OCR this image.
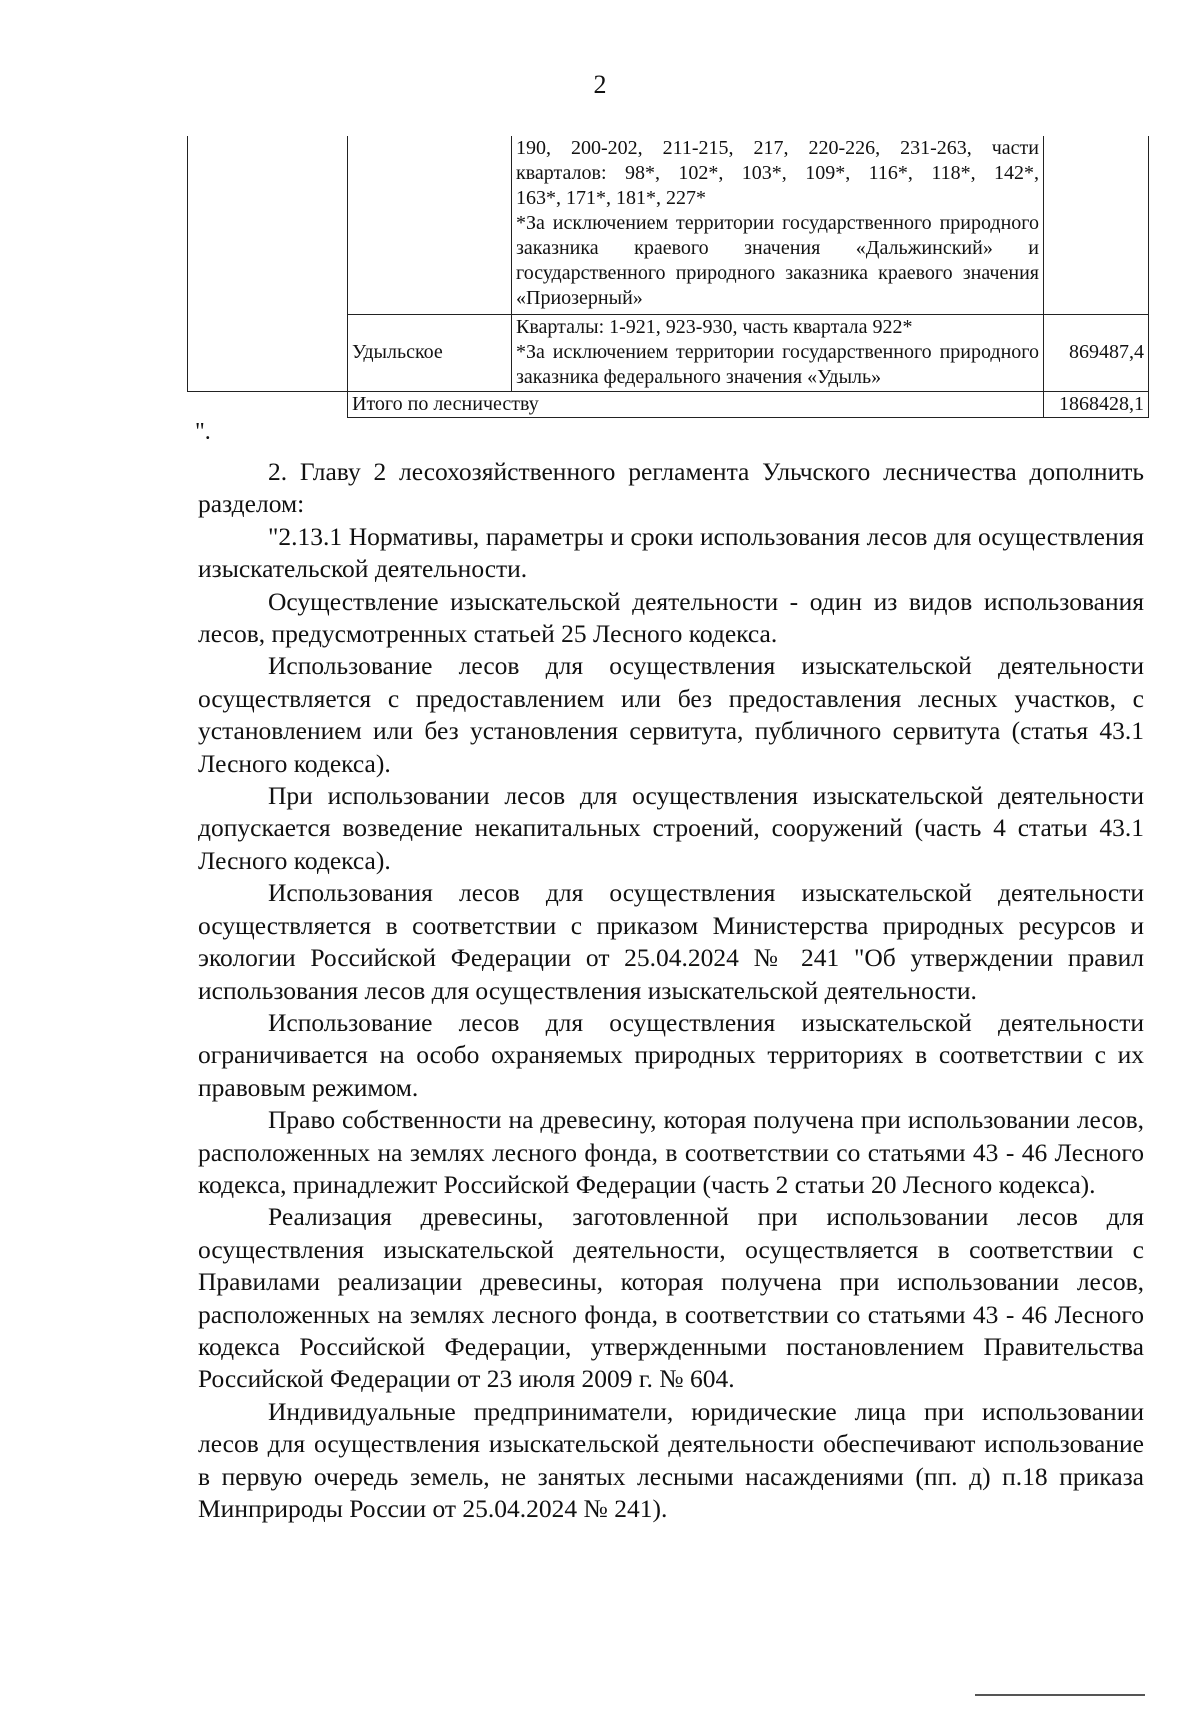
2

		190, 200-202, 211-215, 217, 220-226, 231-263, части

кварталов: 98*, 102*, 103*, 109*, 116*, 118*, 142*,

163*, 171*, 181*, 227*

*За исключением территории государственного природного заказника краевого значения «Дальжинский» и государственного природного заказника краевого значения «Приозерный»	

	Удыльское	Кварталы: 1-921, 923-930, часть квартала 922*

*За исключением территории государственного природного заказника федерального значения «Удыль»	869487,4
	Итого по лесничеству		1868428,1
".

2. Главу 2 лесохозяйственного регламента Ульчского лесничества дополнить разделом:

"2.13.1 Нормативы, параметры и сроки использования лесов для осуществления изыскательской деятельности.

Осуществление изыскательской деятельности - один из видов использования лесов, предусмотренных статьей 25 Лесного кодекса.

Использование лесов для осуществления изыскательской деятельности осуществляется с предоставлением или без предоставления лесных участков, с установлением или без установления сервитута, публичного сервитута (статья 43.1 Лесного кодекса).

При использовании лесов для осуществления изыскательской деятельности допускается возведение некапитальных строений, сооружений (часть 4 статьи 43.1 Лесного кодекса).

Использования лесов для осуществления изыскательской деятельности осуществляется в соответствии с приказом Министерства природных ресурсов и экологии Российской Федерации от 25.04.2024 № 241 "Об утверждении правил использования лесов для осуществления изыскательской деятельности.

Использование лесов для осуществления изыскательской деятельности ограничивается на особо охраняемых природных территориях в соответствии с их правовым режимом.

Право собственности на древесину, которая получена при использовании лесов, расположенных на землях лесного фонда, в соответствии со статьями 43 - 46 Лесного кодекса, принадлежит Российской Федерации (часть 2 статьи 20 Лесного кодекса).

Реализация древесины, заготовленной при использовании лесов для осуществления изыскательской деятельности, осуществляется в соответствии с Правилами реализации древесины, которая получена при использовании лесов, расположенных на землях лесного фонда, в соответствии со статьями 43 - 46 Лесного кодекса Российской Федерации, утвержденными постановлением Правительства Российской Федерации от 23 июля 2009 г. № 604.

Индивидуальные предприниматели, юридические лица при использовании лесов для осуществления изыскательской деятельности обеспечивают использование в первую очередь земель, не занятых лесными насаждениями (пп. д) п.18 приказа Минприроды России от 25.04.2024 № 241).
